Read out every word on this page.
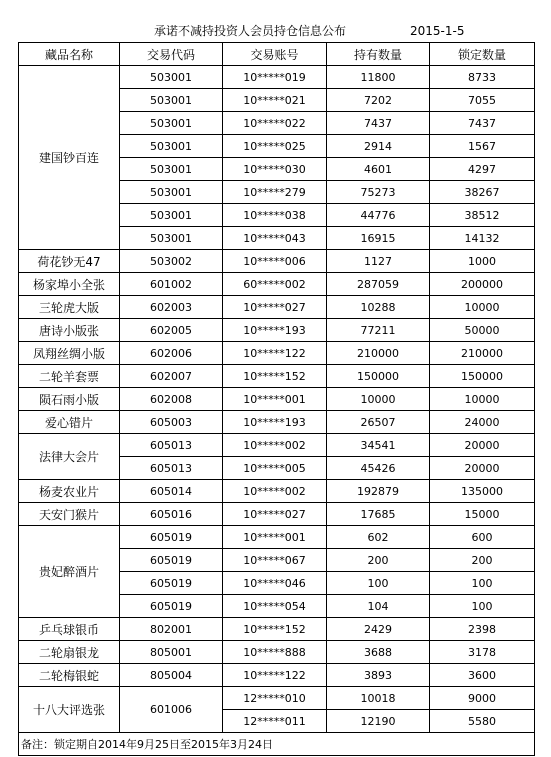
承诺不减持投资人会员持仓信息公布	2015-1-5
藏品名称	交易代码	交易账号	持有数量	锁定数量
建国钞百连	503001	10*****019	11800	8733
	503001	10*****021	7202	7055
	503001	10*****022	7437	7437
	503001	10*****025	2914	1567
	503001	10*****030	4601	4297
	503001	10*****279	75273	38267
	503001	10*****038	44776	38512
	503001	10*****043	16915	14132
荷花钞无47	503002	10*****006	1127	1000
杨家埠小全张	601002	60*****002	287059	200000
三轮虎大版	602003	10*****027	10288	10000
唐诗小版张	602005	10*****193	77211	50000
凤翔丝绸小版	602006	10*****122	210000	210000
二轮羊套票	602007	10*****152	150000	150000
陨石雨小版	602008	10*****001	10000	10000
爱心错片	605003	10*****193	26507	24000
法律大会片	605013	10*****002	34541	20000
	605013	10*****005	45426	20000
杨麦农业片	605014	10*****002	192879	135000
天安门猴片	605016	10*****027	17685	15000
贵妃醉酒片	605019	10*****001	602	600
	605019	10*****067	200	200
	605019	10*****046	100	100
	605019	10*****054	104	100
乒乓球银币	802001	10*****152	2429	2398
二轮扇银龙	805001	10*****888	3688	3178
二轮梅银蛇	805004	10*****122	3893	3600
十八大评选张	601006	12*****010	10018	9000
		12*****011	12190	5580
备注：锁定期自2014年9月25日至2015年3月24日				
